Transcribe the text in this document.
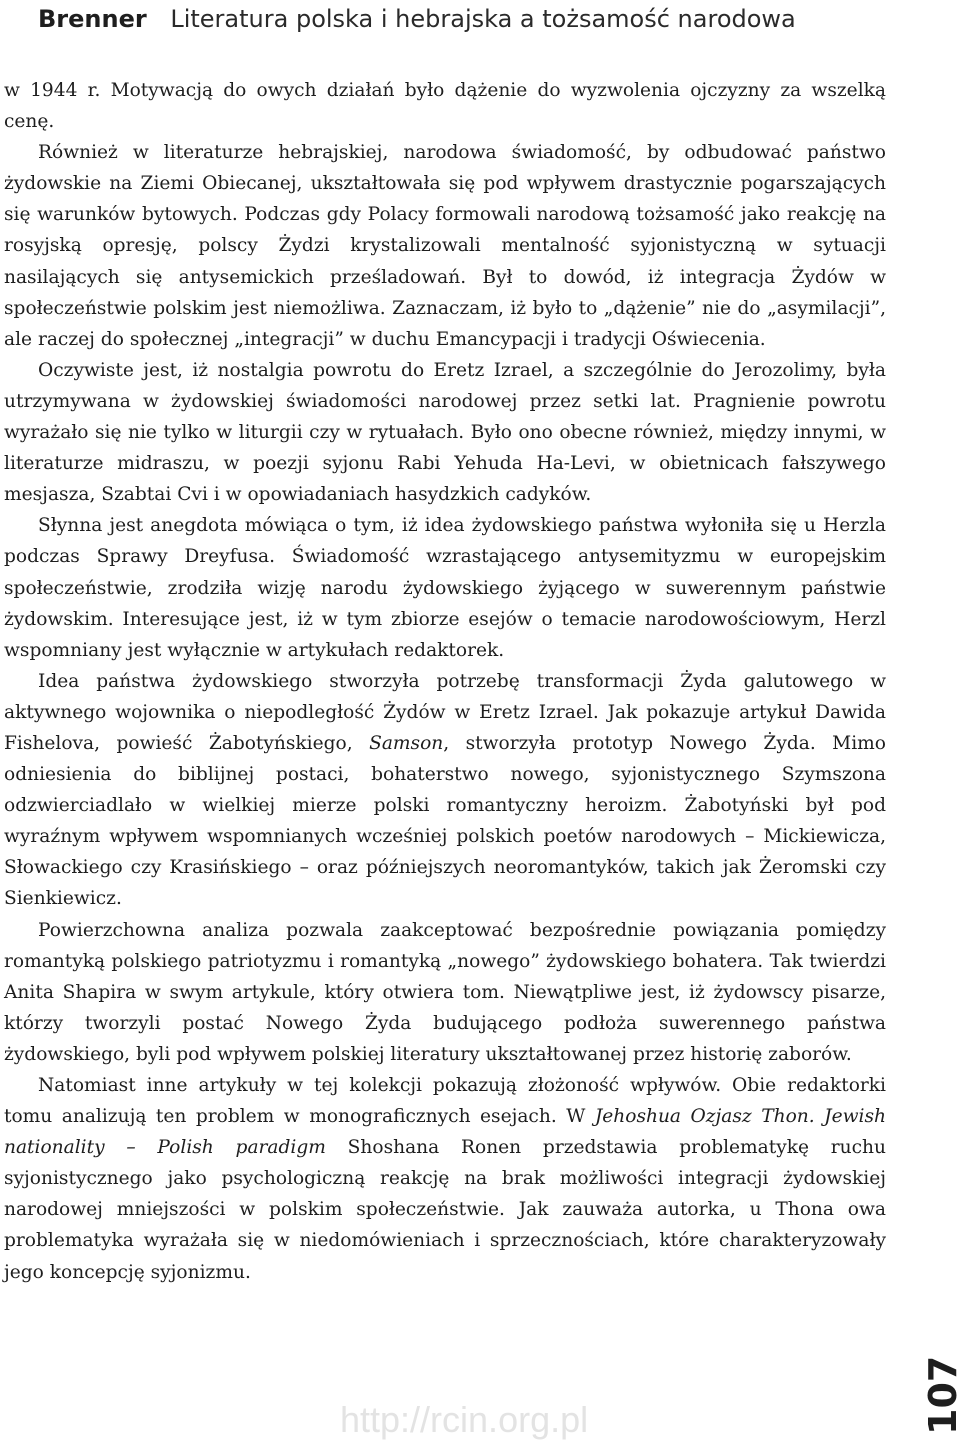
Brenner Literatura polska i hebrajska a tożsamość narodowa

w 1944 r. Motywacją do owych działań było dążenie do wyzwolenia ojczyzny za wszelką cenę.

Również w literaturze hebrajskiej, narodowa świadomość, by odbudować państwo żydowskie na Ziemi Obiecanej, ukształtowała się pod wpływem drastycznie pogarszających się warunków bytowych. Podczas gdy Polacy formowali narodową tożsamość jako reakcję na rosyjską opresję, polscy Żydzi krystalizowali mentalność syjonistyczną w sytuacji nasilających się antysemickich prześladowań. Był to dowód, iż integracja Żydów w społeczeństwie polskim jest niemożliwa. Zaznaczam, iż było to „dążenie” nie do „asymilacji”, ale raczej do społecznej „integracji” w duchu Emancypacji i tradycji Oświecenia.

Oczywiste jest, iż nostalgia powrotu do Eretz Izrael, a szczególnie do Jerozolimy, była utrzymywana w żydowskiej świadomości narodowej przez setki lat. Pragnienie powrotu wyrażało się nie tylko w liturgii czy w rytuałach. Było ono obecne również, między innymi, w literaturze midraszu, w poezji syjonu Rabi Yehuda Ha-Levi, w obietnicach fałszywego mesjasza, Szabtai Cvi i w opowiadaniach hasydzkich cadyków.

Słynna jest anegdota mówiąca o tym, iż idea żydowskiego państwa wyłoniła się u Herzla podczas Sprawy Dreyfusa. Świadomość wzrastającego antysemityzmu w europejskim społeczeństwie, zrodziła wizję narodu żydowskiego żyjącego w suwerennym państwie żydowskim. Interesujące jest, iż w tym zbiorze esejów o temacie narodowościowym, Herzl wspomniany jest wyłącznie w artykułach redaktorek.

Idea państwa żydowskiego stworzyła potrzebę transformacji Żyda galutowego w aktywnego wojownika o niepodległość Żydów w Eretz Izrael. Jak pokazuje artykuł Dawida Fishelova, powieść Żabotyńskiego, Samson, stworzyła prototyp Nowego Żyda. Mimo odniesienia do biblijnej postaci, bohaterstwo nowego, syjonistycznego Szymszona odzwierciadlało w wielkiej mierze polski romantyczny heroizm. Żabotyński był pod wyraźnym wpływem wspomnianych wcześniej polskich poetów narodowych – Mickiewicza, Słowackiego czy Krasińskiego – oraz późniejszych neoromantyków, takich jak Żeromski czy Sienkiewicz.

Powierzchowna analiza pozwala zaakceptować bezpośrednie powiązania pomiędzy romantyką polskiego patriotyzmu i romantyką „nowego” żydowskiego bohatera. Tak twierdzi Anita Shapira w swym artykule, który otwiera tom. Niewątpliwe jest, iż żydowscy pisarze, którzy tworzyli postać Nowego Żyda budującego podłoża suwerennego państwa żydowskiego, byli pod wpływem polskiej literatury ukształtowanej przez historię zaborów.

Natomiast inne artykuły w tej kolekcji pokazują złożoność wpływów. Obie redaktorki tomu analizują ten problem w monograficznych esejach. W Jehoshua Ozjasz Thon. Jewish nationality – Polish paradigm Shoshana Ronen przedstawia problematykę ruchu syjonistycznego jako psychologiczną reakcję na brak możliwości integracji żydowskiej narodowej mniejszości w polskim społeczeństwie. Jak zauważa autorka, u Thona owa problematyka wyrażała się w niedomówieniach i sprzecznościach, które charakteryzowały jego koncepcję syjonizmu.

107
http://rcin.org.pl
